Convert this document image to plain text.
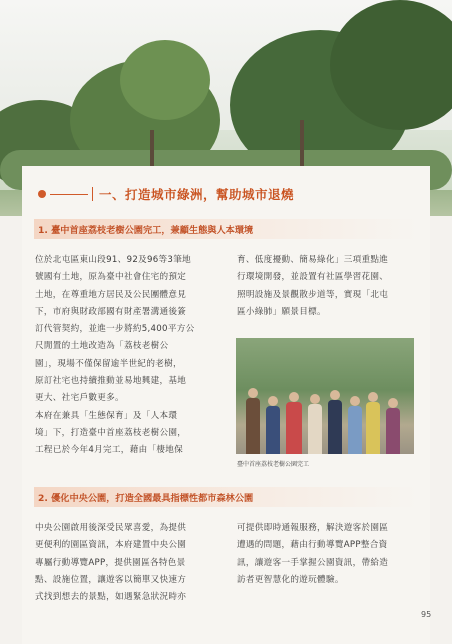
一、打造城市綠洲，幫助城市退燒
1. 臺中首座荔枝老樹公園完工，兼顧生態與人本環境
位於北屯區東山段91、92及96等3筆地
號國有土地，原為臺中社會住宅的預定
土地，在尊重地方居民及公民團體意見
下，市府與財政部國有財產署溝通後簽
訂代管契約，並進一步將約5,400平方公
尺閒置的土地改造為「荔枝老樹公
園」，現場不僅保留逾半世紀的老樹，
原訂社宅也持續推動並易地興建，基地
更大、社宅戶數更多。
本府在兼具「生態保育」及「人本環
境」下，打造臺中首座荔枝老樹公園，
工程已於今年4月完工，藉由「棲地保
育、低度擾動、簡易綠化」三項重點進
行環境開發，並設置有社區學習花園、
照明設施及景觀散步道等，實現「北屯
區小綠肺」願景目標。
臺中首座荔枝老樹公園完工
2. 優化中央公園，打造全國最具指標性都市森林公園
中央公園啟用後深受民眾喜愛，為提供
更便利的園區資訊，本府建置中央公園
專屬行動導覽APP，提供園區各特色景
點、設施位置，讓遊客以簡單又快速方
式找到想去的景點，如遇緊急狀況時亦
可提供即時通報服務，解決遊客於園區
遭遇的問題，藉由行動導覽APP整合資
訊，讓遊客一手掌握公園資訊，帶給造
訪者更智慧化的遊玩體驗。
95
